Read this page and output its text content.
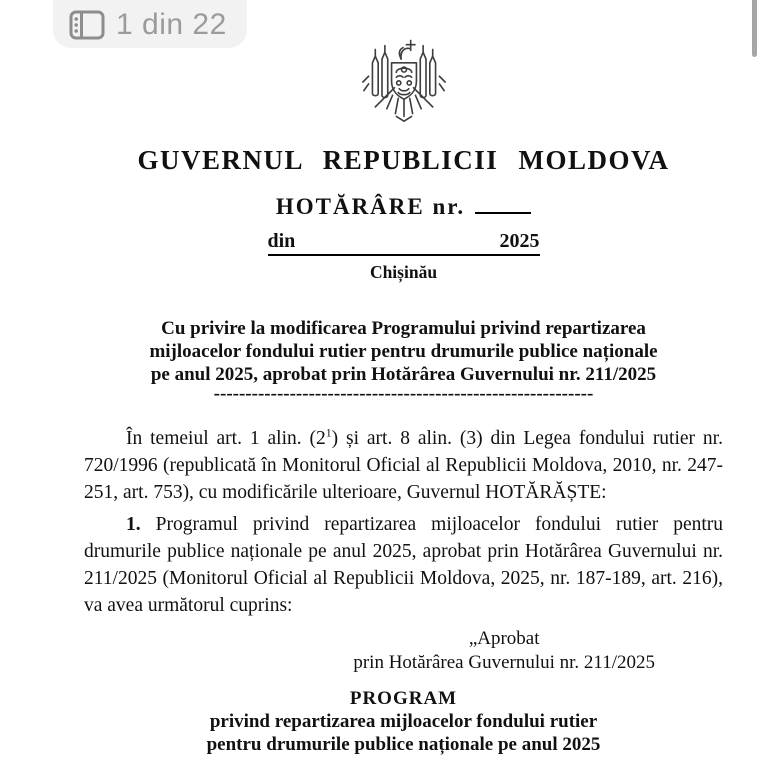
GUVERNUL REPUBLICII MOLDOVA
HOTĂRÂRE nr.
din	2025
Chișinău
Cu privire la modificarea Programului privind repartizarea
mijloacelor fondului rutier pentru drumurile publice naționale
pe anul 2025, aprobat prin Hotărârea Guvernului nr. 211/2025
------------------------------------------------------------

În temeiul art. 1 alin. $(2^1)$ și art. 8 alin. (3) din Legea fondului rutier nr. 720/1996 (republicată în Monitorul Oficial al Republicii Moldova, 2010, nr. 247-251, art. 753), cu modificările ulterioare, Guvernul HOTĂRĂȘTE:

1. Programul privind repartizarea mijloacelor fondului rutier pentru drumurile publice naționale pe anul 2025, aprobat prin Hotărârea Guvernului nr. 211/2025 (Monitorul Oficial al Republicii Moldova, 2025, nr. 187-189, art. 216), va avea următorul cuprins:

„Aprobat
prin Hotărârea Guvernului nr. 211/2025
PROGRAM
privind repartizarea mijloacelor fondului rutier
pentru drumurile publice naționale pe anul 2025
1 din 22
